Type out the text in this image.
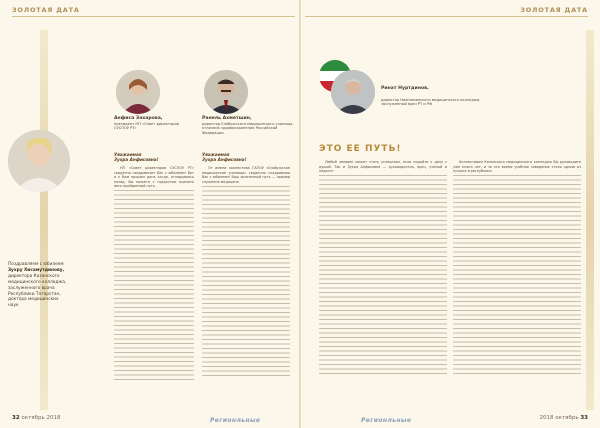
ЗОЛОТАЯ ДАТА
Анфиса Захарова,
президент НП «Совет директоров СУСПОУ РТ»
Ранель Ахметшин,
директор Елабужского медицинского училища, отличник здравоохранения Российской Федерации
Уважаемая
Зухра Анфисовна!
Уважаемая
Зухра Анфисовна!
Поздравляем с юбилеем Зухру Хисамутдинову, директора Казанского медицинского колледжа, заслуженного врача Республики Татарстан, доктора медицинских наук

НП «Совет директоров СУСПОУ РТ» сердечно поздравляет Вас с юбилеем! Вот и к Вам пришел день когда, оглядываясь назад, Вы можете с гордостью оценить весь пройденный путь.

От имени коллектива ГАПОУ «Елабужское медицинское училище» сердечно поздравляю Вас с юбилеем! Ваш жизненный путь — пример служения медицине.

32 октябрь 2018	Регионльные
ЗОЛОТАЯ ДАТА
Ринат Нуртдинов,
директор Нижнекамского медицинского колледжа, заслуженный врач РТ и РФ
ЭТО ЕЕ ПУТЬ!

Любой человек может стать успешным, если подойти к делу с душой. Так и Зухра Анфисовна — руководитель, врач, ученый и педагог.

Коллективом Казанского медицинского колледжа Вы руководите уже много лет, и за это время учебное заведение стало одним из лучших в республике.

Регионльные	2018 октябрь 33
